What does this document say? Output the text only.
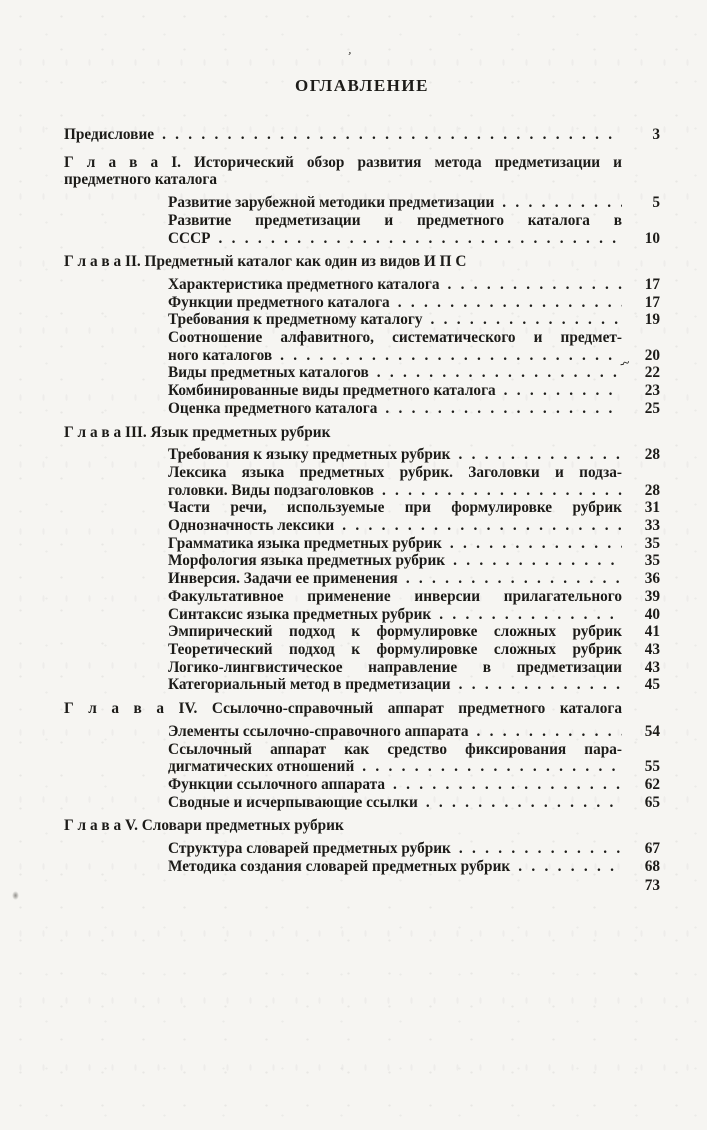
ʼ
-~
ОГЛАВЛЕНИЕ
Предисловие .....	3
Г л а в а I. Исторический обзор развития метода предметизации и
предметного каталога
Развитие зарубежной методики предметизации .....	5
Развитие предметизации и предметного каталога в
СССР .....	10
Г л а в а II. Предметный каталог как один из видов И П С
Характеристика предметного каталога .....	17
Функции предметного каталога .....	17
Требования к предметному каталогу .....	19
Соотношение алфавитного, систематического и предмет-
ного каталогов .....	20
Виды предметных каталогов .....	22
Комбинированные виды предметного каталога .....	23
Оценка предметного каталога .....	25
Г л а в а III. Язык предметных рубрик
Требования к языку предметных рубрик .....	28
Лексика языка предметных рубрик. Заголовки и подза-
головки. Виды подзаголовков .....	28
Части речи, используемые при формулировке рубрик	31
Однозначность лексики .....	33
Грамматика языка предметных рубрик .....	35
Морфология языка предметных рубрик .....	35
Инверсия. Задачи ее применения .....	36
Факультативное применение инверсии прилагательного	39
Синтаксис языка предметных рубрик .....	40
Эмпирический подход к формулировке сложных рубрик	41
Теоретический подход к формулировке сложных рубрик	43
Логико-лингвистическое направление в предметизации	43
Категориальный метод в предметизации .....	45
Г л а в а IV. Ссылочно-справочный аппарат предметного каталога
Элементы ссылочно-справочного аппарата .....	54
Ссылочный аппарат как средство фиксирования пара-
дигматических отношений .....	55
Функции ссылочного аппарата .....	62
Сводные и исчерпывающие ссылки .....	65
Г л а в а V. Словари предметных рубрик
Структура словарей предметных рубрик .....	67
Методика создания словарей предметных рубрик .....	68
73
